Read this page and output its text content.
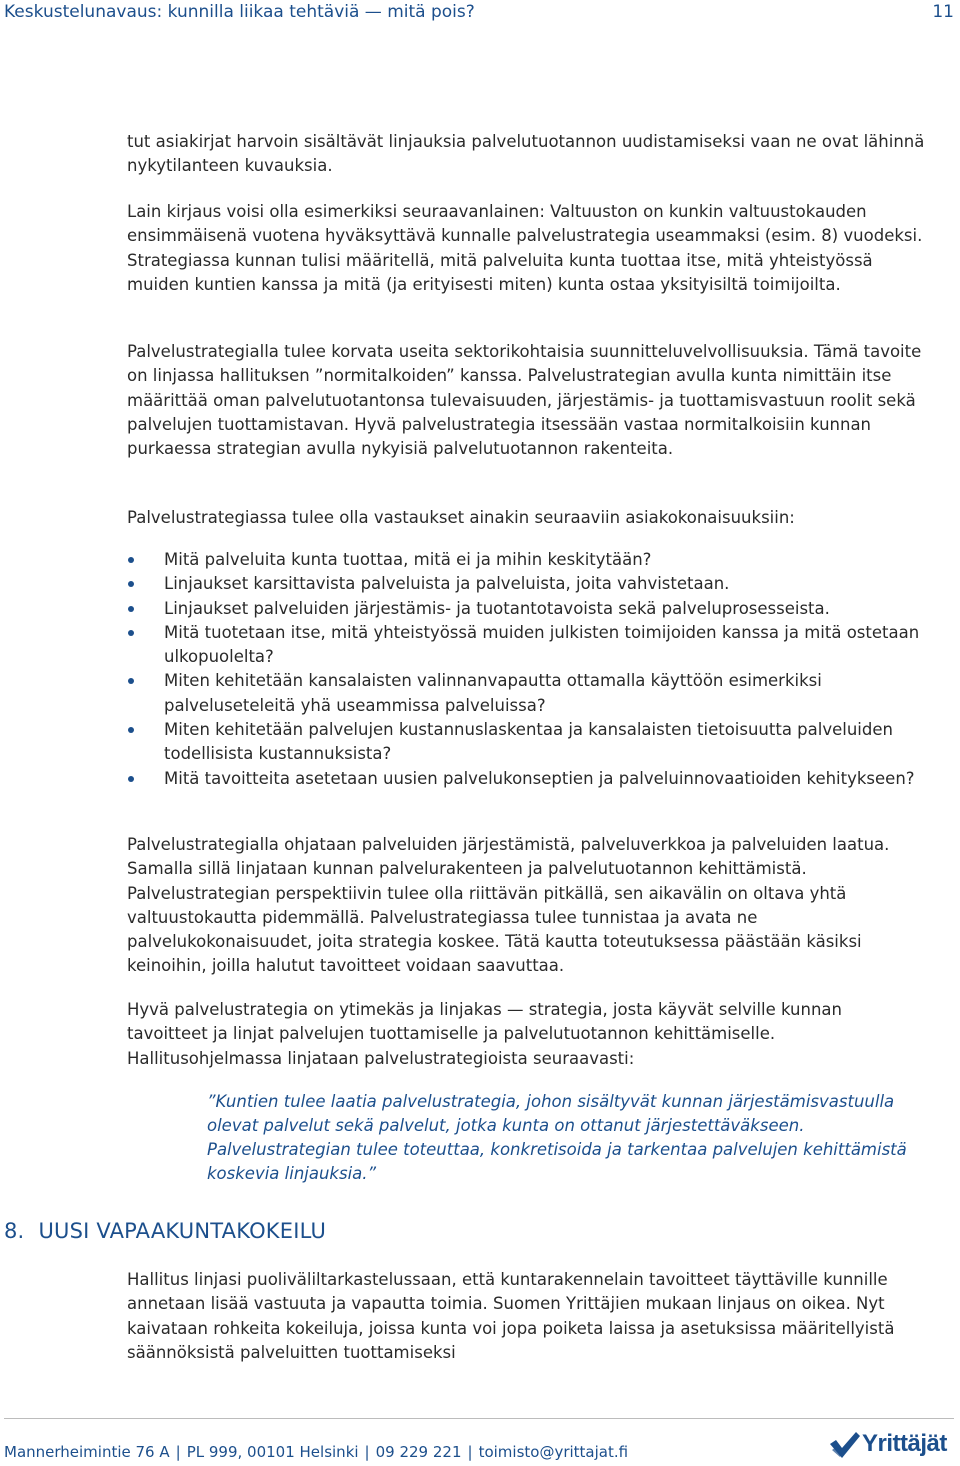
Keskustelunavaus: kunnilla liikaa tehtäviä — mitä pois?	11

tut asiakirjat harvoin sisältävät linjauksia palvelutuotannon uudistamiseksi vaan ne ovat lähinnä nykytilanteen kuvauksia.

Lain kirjaus voisi olla esimerkiksi seuraavanlainen: Valtuuston on kunkin valtuustokauden ensimmäisenä vuotena hyväksyttävä kunnalle palvelustrategia useammaksi (esim. 8) vuodeksi. Strategiassa kunnan tulisi määritellä, mitä palveluita kunta tuottaa itse, mitä yhteistyössä muiden kuntien kanssa ja mitä (ja erityisesti miten) kunta ostaa yksityisiltä toimijoilta.

Palvelustrategialla tulee korvata useita sektorikohtaisia suunnitteluvelvollisuuksia. Tämä tavoite on linjassa hallituksen ”normitalkoiden” kanssa. Palvelustrategian avulla kunta nimittäin itse määrittää oman palvelutuotantonsa tulevaisuuden, järjestämis- ja tuottamisvastuun roolit sekä palvelujen tuottamistavan. Hyvä palvelustrategia itsessään vastaa normitalkoisiin kunnan purkaessa strategian avulla nykyisiä palvelutuotannon rakenteita.

Palvelustrategiassa tulee olla vastaukset ainakin seuraaviin asiakokonaisuuksiin:

Mitä palveluita kunta tuottaa, mitä ei ja mihin keskitytään?
Linjaukset karsittavista palveluista ja palveluista, joita vahvistetaan.
Linjaukset palveluiden järjestämis- ja tuotantotavoista sekä palveluprosesseista.
Mitä tuotetaan itse, mitä yhteistyössä muiden julkisten toimijoiden kanssa ja mitä ostetaan ulkopuolelta?
Miten kehitetään kansalaisten valinnanvapautta ottamalla käyttöön esimerkiksi palveluseteleitä yhä useammissa palveluissa?
Miten kehitetään palvelujen kustannuslaskentaa ja kansalaisten tietoisuutta palveluiden todellisista kustannuksista?
Mitä tavoitteita asetetaan uusien palvelukonseptien ja palveluinnovaatioiden kehitykseen?

Palvelustrategialla ohjataan palveluiden järjestämistä, palveluverkkoa ja palveluiden laatua. Samalla sillä linjataan kunnan palvelurakenteen ja palvelutuotannon kehittämistä. Palvelustrategian perspektiivin tulee olla riittävän pitkällä, sen aikavälin on oltava yhtä valtuustokautta pidemmällä. Palvelustrategiassa tulee tunnistaa ja avata ne palvelukokonaisuudet, joita strategia koskee. Tätä kautta toteutuksessa päästään käsiksi keinoihin, joilla halutut tavoitteet voidaan saavuttaa.

Hyvä palvelustrategia on ytimekäs ja linjakas — strategia, josta käyvät selville kunnan tavoitteet ja linjat palvelujen tuottamiselle ja palvelutuotannon kehittämiselle. Hallitusohjelmassa linjataan palvelustrategioista seuraavasti:

”Kuntien tulee laatia palvelustrategia, johon sisältyvät kunnan järjestämisvastuulla olevat palvelut sekä palvelut, jotka kunta on ottanut järjestettäväkseen. Palvelustrategian tulee toteuttaa, konkretisoida ja tarkentaa palvelujen kehittämistä koskevia linjauksia.”
8. UUSI VAPAAKUNTAKOKEILU

Hallitus linjasi puoliväliltarkastelussaan, että kuntarakennelain tavoitteet täyttäville kunnille annetaan lisää vastuuta ja vapautta toimia. Suomen Yrittäjien mukaan linjaus on oikea. Nyt kaivataan rohkeita kokeiluja, joissa kunta voi jopa poiketa laissa ja asetuksissa määritellyistä säännöksistä palveluitten tuottamiseksi

Mannerheimintie 76 A | PL 999, 00101 Helsinki | 09 229 221 | toimisto@yrittajat.fi	Yrittäjät
